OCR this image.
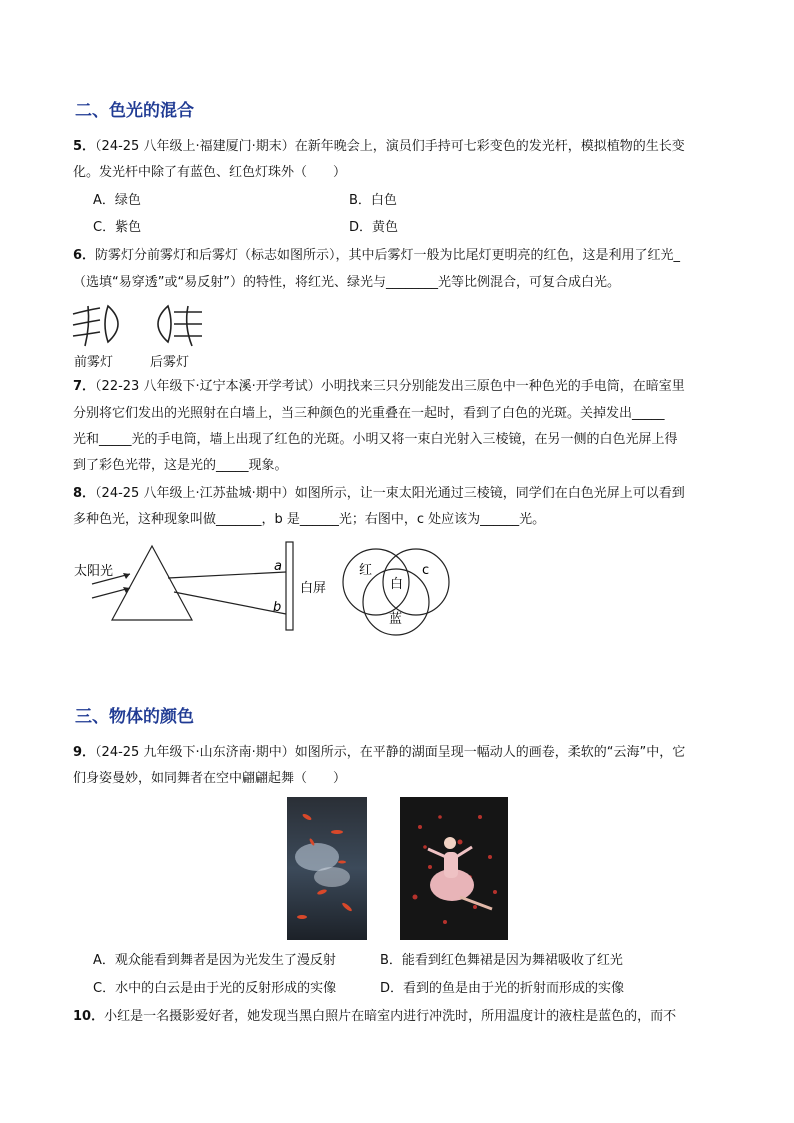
二、色光的混合
5．（24-25 八年级上·福建厦门·期末）在新年晚会上，演员们手持可七彩变色的发光杆，模拟植物的生长变
化。发光杆中除了有蓝色、红色灯珠外（　　）
A．绿色	B．白色
C．紫色	D．黄色
6．防雾灯分前雾灯和后雾灯（标志如图所示），其中后雾灯一般为比尾灯更明亮的红色，这是利用了红光_
（选填“易穿透”或“易反射”）的特性，将红光、绿光与________光等比例混合，可复合成白光。
前雾灯	后雾灯
7．（22-23 八年级下·辽宁本溪·开学考试）小明找来三只分别能发出三原色中一种色光的手电筒，在暗室里
分别将它们发出的光照射在白墙上，当三种颜色的光重叠在一起时，看到了白色的光斑。关掉发出_____
光和_____光的手电筒，墙上出现了红色的光斑。小明又将一束白光射入三棱镜，在另一侧的白色光屏上得
到了彩色光带，这是光的_____现象。
8．（24-25 八年级上·江苏盐城·期中）如图所示，让一束太阳光通过三棱镜，同学们在白色光屏上可以看到
多种色光，这种现象叫做_______，b 是______光；右图中，c 处应该为______光。
太阳光	a
b
白屏
红
白
c
蓝
三、物体的颜色
9．（24-25 九年级下·山东济南·期中）如图所示，在平静的湖面呈现一幅动人的画卷，柔软的“云海”中，它
们身姿曼妙，如同舞者在空中翩翩起舞（　　）
A．观众能看到舞者是因为光发生了漫反射	B．能看到红色舞裙是因为舞裙吸收了红光
C．水中的白云是由于光的反射形成的实像	D．看到的鱼是由于光的折射而形成的实像
10．小红是一名摄影爱好者，她发现当黑白照片在暗室内进行冲洗时，所用温度计的液柱是蓝色的，而不
